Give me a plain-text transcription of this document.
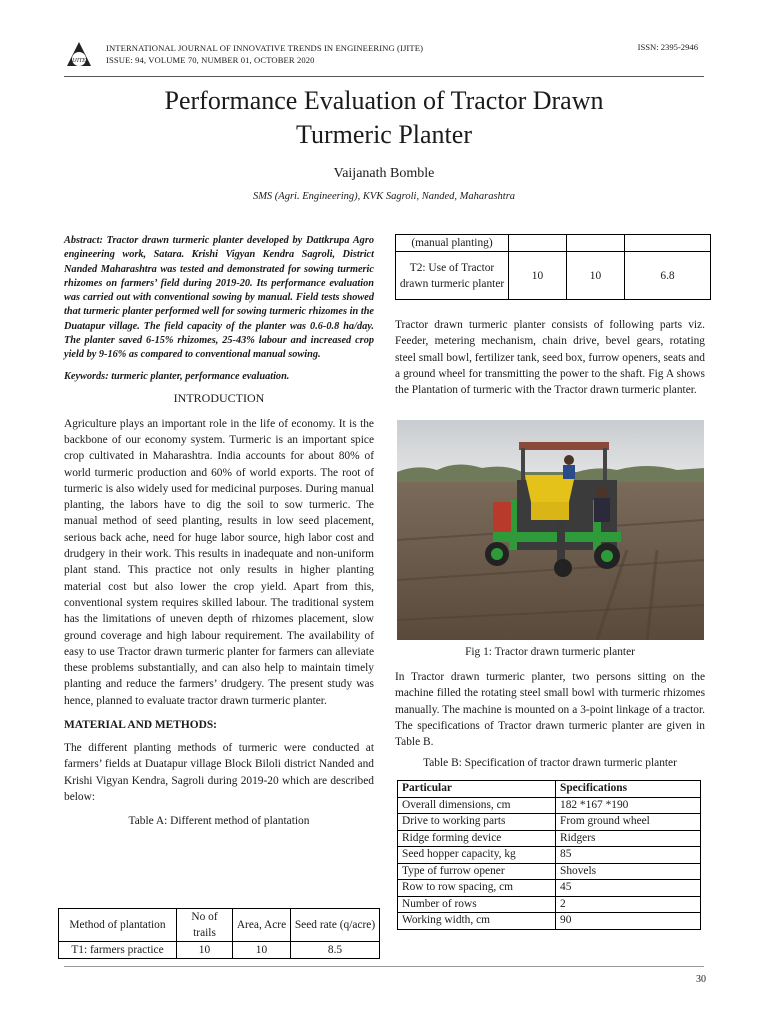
IJITE
INTERNATIONAL JOURNAL OF INNOVATIVE TRENDS IN ENGINEERING (IJITE)
ISSUE: 94, VOLUME 70, NUMBER 01, OCTOBER 2020
ISSN: 2395-2946
Performance Evaluation of Tractor Drawn
Turmeric Planter
Vaijanath Bomble
SMS (Agri. Engineering), KVK Sagroli, Nanded, Maharashtra

Abstract: Tractor drawn turmeric planter developed by Dattkrupa Agro engineering work, Satara. Krishi Vigyan Kendra Sagroli, District Nanded Maharashtra was tested and demonstrated for sowing turmeric rhizomes on farmers’ field during 2019-20. Its performance evaluation was carried out with conventional sowing by manual. Field tests showed that turmeric planter performed well for sowing turmeric rhizomes in the Duatapur village. The field capacity of the planter was 0.6-0.8 ha/day. The planter saved 6-15% rhizomes, 25-43% labour and increased crop yield by 9-16% as compared to conventional manual sowing.

Keywords: turmeric planter, performance evaluation.

INTRODUCTION

Agriculture plays an important role in the life of economy. It is the backbone of our economy system. Turmeric is an important spice crop cultivated in Maharashtra. India accounts for about 80% of world turmeric production and 60% of world exports. The root of turmeric is also widely used for medicinal purposes. During manual planting, the labors have to dig the soil to sow turmeric. The manual method of seed planting, results in low seed placement, serious back ache, need for huge labor source, high labor cost and drudgery in their work. This results in inadequate and non-uniform plant stand. This practice not only results in higher planting material cost but also lower the crop yield. Apart from this, conventional system requires skilled labour. The traditional system has the limitations of uneven depth of rhizomes placement, slow ground coverage and high labour requirement. The availability of easy to use Tractor drawn turmeric planter for farmers can alleviate these problems substantially, and can also help to maintain timely planting and reduce the farmers’ drudgery. The present study was hence, planned to evaluate tractor drawn turmeric planter.

MATERIAL AND METHODS:

The different planting methods of turmeric were conducted at farmers’ fields at Duatapur village Block Biloli district Nanded and Krishi Vigyan Kendra, Sagroli during 2019-20 which are described below:

Table A: Different method of plantation
Method of plantation	No of trails	Area, Acre	Seed rate (q/acre)
T1: farmers practice	10	10	8.5
(manual planting)			
T2: Use of Tractor drawn turmeric planter	10	10	6.8

Tractor drawn turmeric planter consists of following parts viz. Feeder, metering mechanism, chain drive, bevel gears, rotating steel small bowl, fertilizer tank, seed box, furrow openers, seats and a ground wheel for transmitting the power to the shaft. Fig A shows the Plantation of turmeric with the Tractor drawn turmeric planter.

Fig 1: Tractor drawn turmeric planter

In Tractor drawn turmeric planter, two persons sitting on the machine filled the rotating steel small bowl with turmeric rhizomes manually. The machine is mounted on a 3-point linkage of a tractor. The specifications of Tractor drawn turmeric planter are given in Table B.

Table B: Specification of tractor drawn turmeric planter
Particular	Specifications
Overall dimensions, cm	182 *167 *190
Drive to working parts	From ground wheel
Ridge forming device	Ridgers
Seed hopper capacity, kg	85
Type of furrow opener	Shovels
Row to row spacing, cm	45
Number of rows	2
Working width, cm	90
30
